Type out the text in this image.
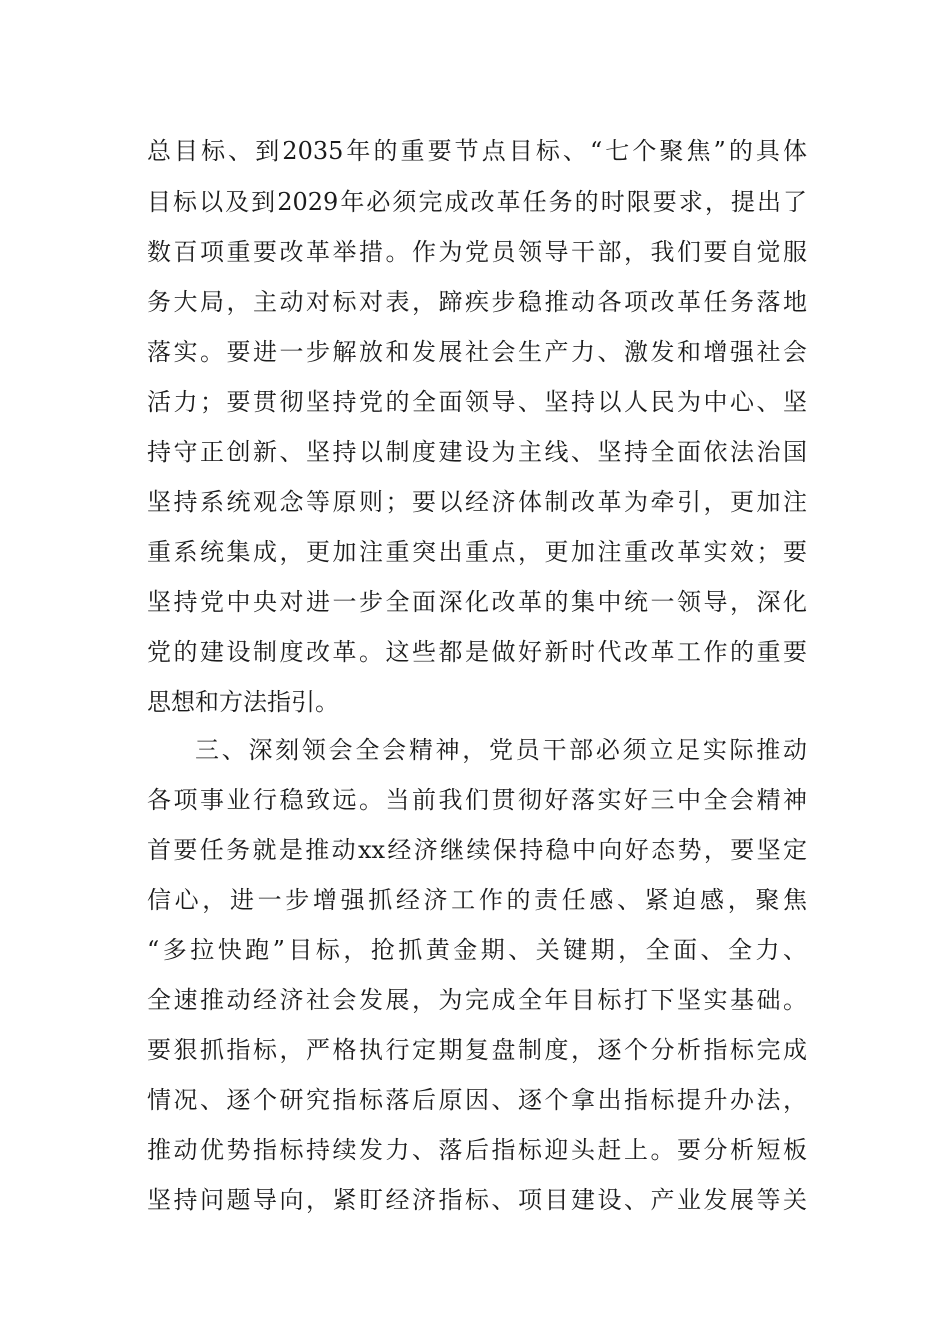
总目标、到2035年的重要节点目标、“七个聚焦”的具体
目标以及到2029年必须完成改革任务的时限要求，提出了
数百项重要改革举措。作为党员领导干部，我们要自觉服
务大局，主动对标对表，蹄疾步稳推动各项改革任务落地
落实。要进一步解放和发展社会生产力、激发和增强社会
活力；要贯彻坚持党的全面领导、坚持以人民为中心、坚
持守正创新、坚持以制度建设为主线、坚持全面依法治国
坚持系统观念等原则；要以经济体制改革为牵引，更加注
重系统集成，更加注重突出重点，更加注重改革实效；要
坚持党中央对进一步全面深化改革的集中统一领导，深化
党的建设制度改革。这些都是做好新时代改革工作的重要
思想和方法指引。
三、深刻领会全会精神，党员干部必须立足实际推动
各项事业行稳致远。当前我们贯彻好落实好三中全会精神
首要任务就是推动xx经济继续保持稳中向好态势，要坚定
信心，进一步增强抓经济工作的责任感、紧迫感，聚焦
“多拉快跑”目标，抢抓黄金期、关键期，全面、全力、
全速推动经济社会发展，为完成全年目标打下坚实基础。
要狠抓指标，严格执行定期复盘制度，逐个分析指标完成
情况、逐个研究指标落后原因、逐个拿出指标提升办法，
推动优势指标持续发力、落后指标迎头赶上。要分析短板
坚持问题导向，紧盯经济指标、项目建设、产业发展等关
